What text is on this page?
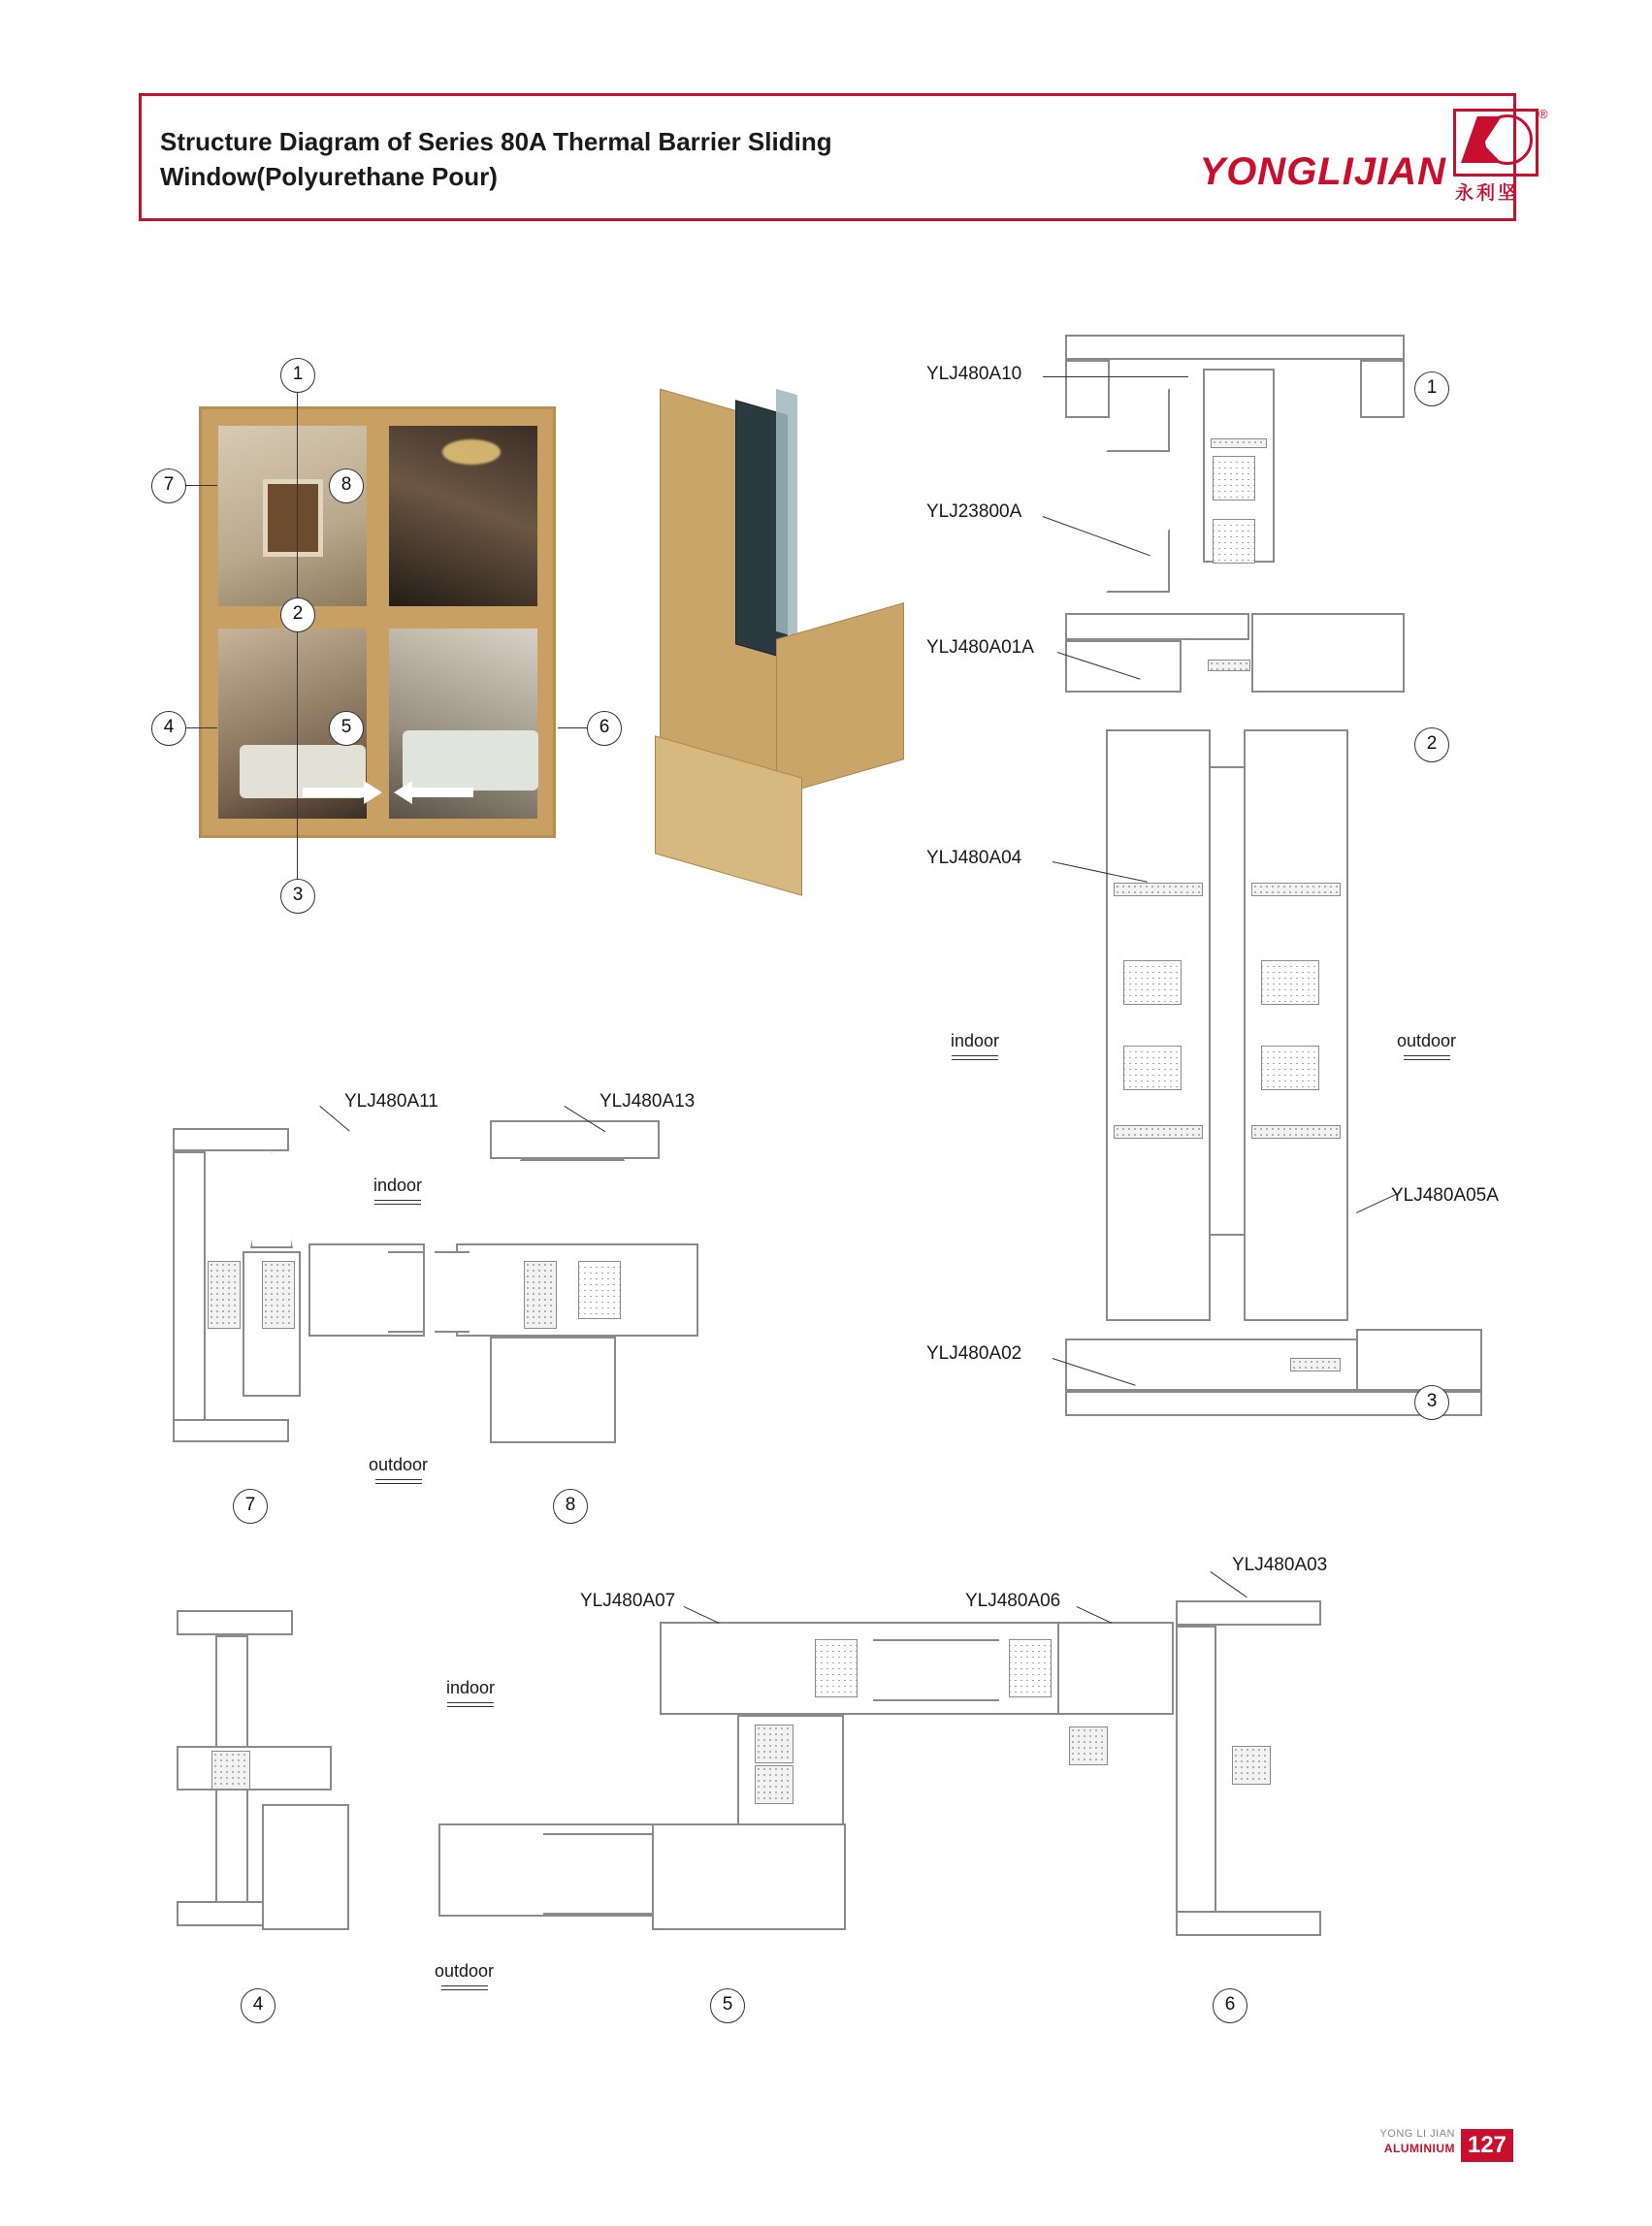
Structure Diagram of Series 80A Thermal Barrier Sliding Window(Polyurethane Pour)	YONGLIJIAN
®
永利坚
1
7	8
2
4	5	6
3
YLJ480A10
YLJ23800A
YLJ480A01A
YLJ480A04
YLJ480A05A
YLJ480A02
indoor	outdoor
1
2
3
YLJ480A11	YLJ480A13
indoor
outdoor
7	8
YLJ480A07	YLJ480A06
YLJ480A03
indoor
outdoor
4	5	6
YONG LI JIAN
ALUMINIUM 127
